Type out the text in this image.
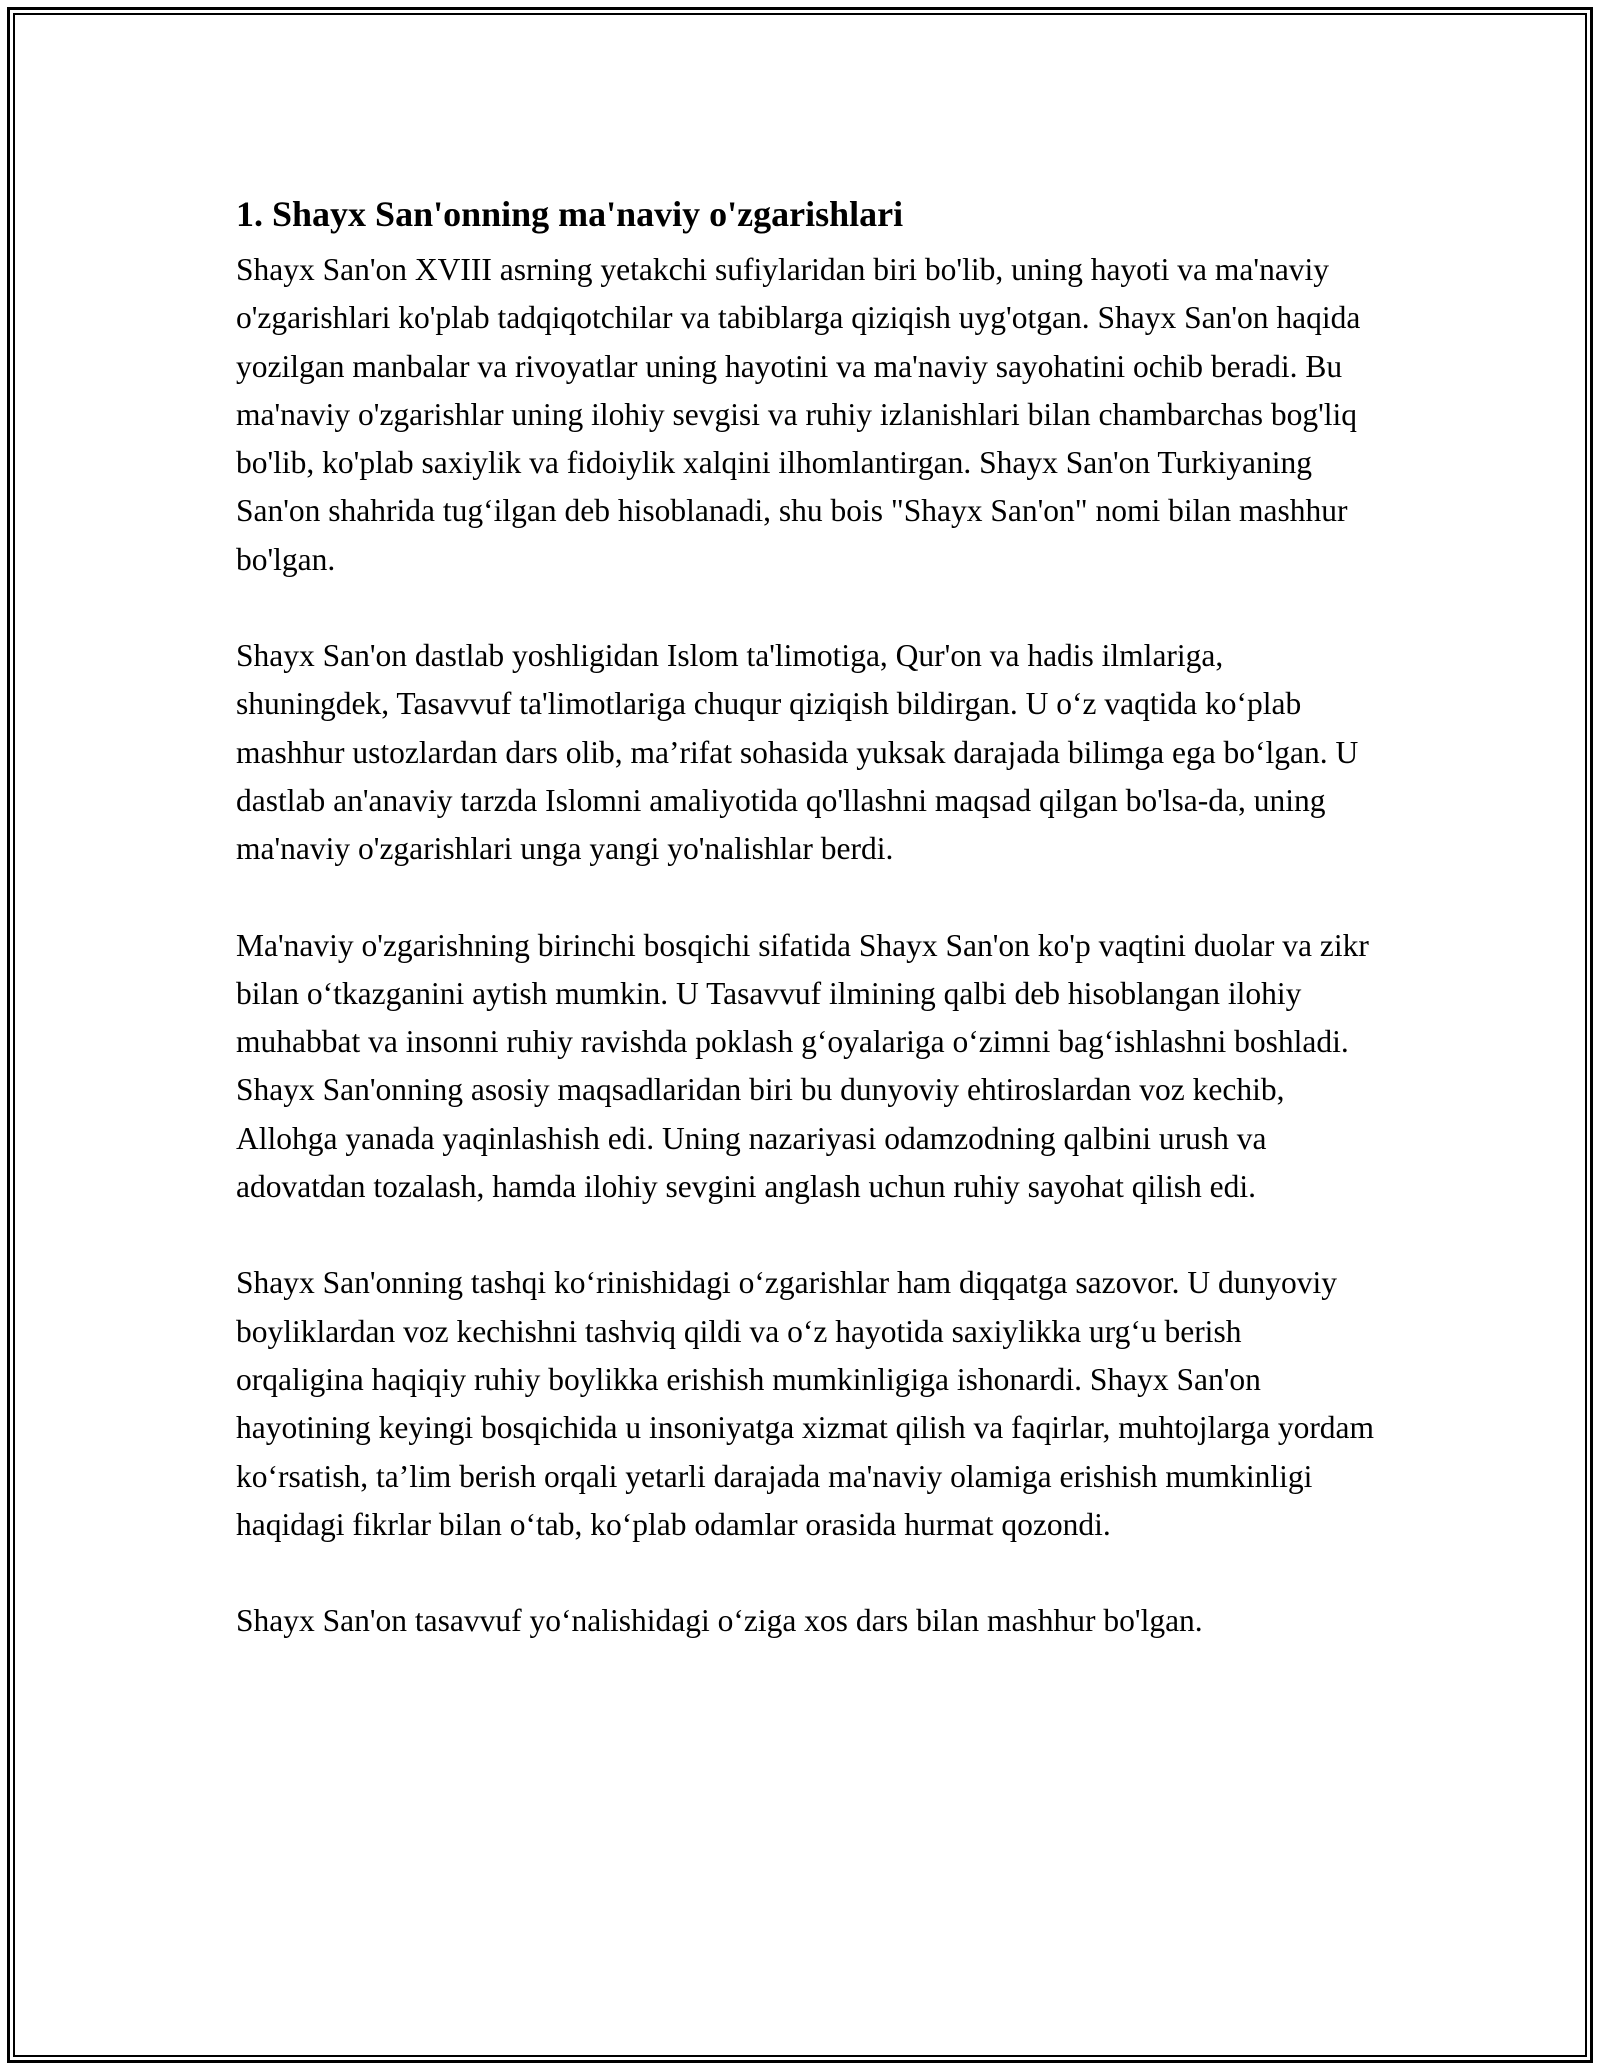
1. Shayx San'onning ma'naviy o'zgarishlari

Shayx San'on XVIII asrning yetakchi sufiylaridan biri bo'lib, uning hayoti va ma'naviy o'zgarishlari ko'plab tadqiqotchilar va tabiblarga qiziqish uyg'otgan. Shayx San'on haqida yozilgan manbalar va rivoyatlar uning hayotini va ma'naviy sayohatini ochib beradi. Bu ma'naviy o'zgarishlar uning ilohiy sevgisi va ruhiy izlanishlari bilan chambarchas bog'liq bo'lib, ko'plab saxiylik va fidoiylik xalqini ilhomlantirgan. Shayx San'on Turkiyaning San'on shahrida tug‘ilgan deb hisoblanadi, shu bois "Shayx San'on" nomi bilan mashhur bo'lgan.

Shayx San'on dastlab yoshligidan Islom ta'limotiga, Qur'on va hadis ilmlariga, shuningdek, Tasavvuf ta'limotlariga chuqur qiziqish bildirgan. U o‘z vaqtida ko‘plab mashhur ustozlardan dars olib, ma’rifat sohasida yuksak darajada bilimga ega bo‘lgan. U dastlab an'anaviy tarzda Islomni amaliyotida qo'llashni maqsad qilgan bo'lsa-da, uning ma'naviy o'zgarishlari unga yangi yo'nalishlar berdi.

Ma'naviy o'zgarishning birinchi bosqichi sifatida Shayx San'on ko'p vaqtini duolar va zikr bilan o‘tkazganini aytish mumkin. U Tasavvuf ilmining qalbi deb hisoblangan ilohiy muhabbat va insonni ruhiy ravishda poklash g‘oyalariga o‘zimni bag‘ishlashni boshladi. Shayx San'onning asosiy maqsadlaridan biri bu dunyoviy ehtiroslardan voz kechib, Allohga yanada yaqinlashish edi. Uning nazariyasi odamzodning qalbini urush va adovatdan tozalash, hamda ilohiy sevgini anglash uchun ruhiy sayohat qilish edi.

Shayx San'onning tashqi ko‘rinishidagi o‘zgarishlar ham diqqatga sazovor. U dunyoviy boyliklardan voz kechishni tashviq qildi va o‘z hayotida saxiylikka urg‘u berish orqaligina haqiqiy ruhiy boylikka erishish mumkinligiga ishonardi. Shayx San'on hayotining keyingi bosqichida u insoniyatga xizmat qilish va faqirlar, muhtojlarga yordam ko‘rsatish, ta’lim berish orqali yetarli darajada ma'naviy olamiga erishish mumkinligi haqidagi fikrlar bilan o‘tab, ko‘plab odamlar orasida hurmat qozondi.

Shayx San'on tasavvuf yo‘nalishidagi o‘ziga xos dars bilan mashhur bo'lgan.
